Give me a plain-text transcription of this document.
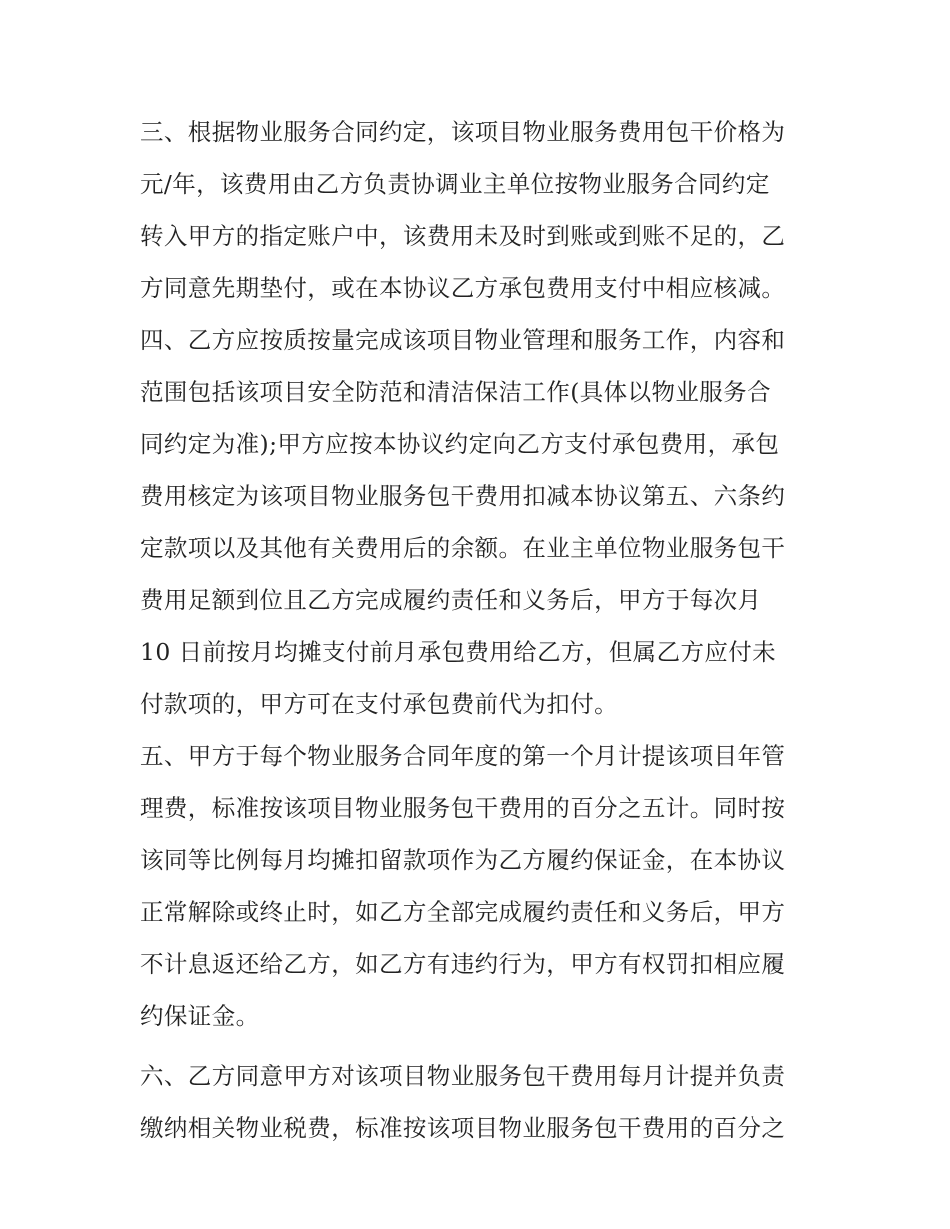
三、根据物业服务合同约定，该项目物业服务费用包干价格为
元/年，该费用由乙方负责协调业主单位按物业服务合同约定
转入甲方的指定账户中，该费用未及时到账或到账不足的，乙
方同意先期垫付，或在本协议乙方承包费用支付中相应核减。
四、乙方应按质按量完成该项目物业管理和服务工作，内容和
范围包括该项目安全防范和清洁保洁工作(具体以物业服务合
同约定为准);甲方应按本协议约定向乙方支付承包费用，承包
费用核定为该项目物业服务包干费用扣减本协议第五、六条约
定款项以及其他有关费用后的余额。在业主单位物业服务包干
费用足额到位且乙方完成履约责任和义务后，甲方于每次月
10 日前按月均摊支付前月承包费用给乙方，但属乙方应付未
付款项的，甲方可在支付承包费前代为扣付。
五、甲方于每个物业服务合同年度的第一个月计提该项目年管
理费，标准按该项目物业服务包干费用的百分之五计。同时按
该同等比例每月均摊扣留款项作为乙方履约保证金，在本协议
正常解除或终止时，如乙方全部完成履约责任和义务后，甲方
不计息返还给乙方，如乙方有违约行为，甲方有权罚扣相应履
约保证金。
六、乙方同意甲方对该项目物业服务包干费用每月计提并负责
缴纳相关物业税费，标准按该项目物业服务包干费用的百分之
